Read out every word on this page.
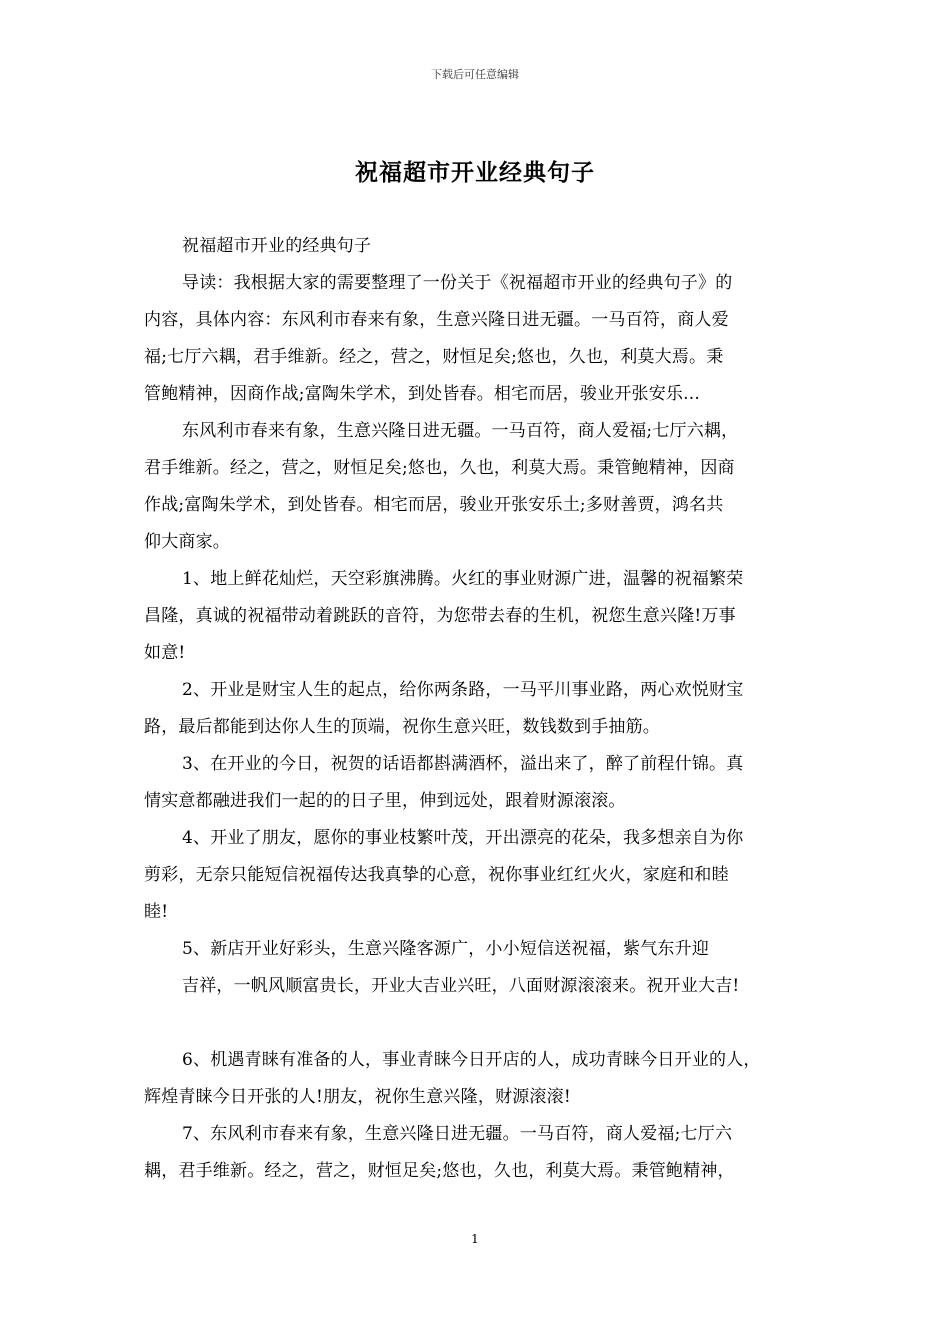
下载后可任意编辑
祝福超市开业经典句子
祝福超市开业的经典句子
导读：我根据大家的需要整理了一份关于《祝福超市开业的经典句子》的
内容，具体内容：东风利市春来有象，生意兴隆日进无疆。一马百符，商人爱
福;七厅六耦，君手维新。经之，营之，财恒足矣;悠也，久也，利莫大焉。秉
管鲍精神，因商作战;富陶朱学术，到处皆春。相宅而居，骏业开张安乐...
东风利市春来有象，生意兴隆日进无疆。一马百符，商人爱福;七厅六耦，
君手维新。经之，营之，财恒足矣;悠也，久也，利莫大焉。秉管鲍精神，因商
作战;富陶朱学术，到处皆春。相宅而居，骏业开张安乐土;多财善贾，鸿名共
仰大商家。
1、地上鲜花灿烂，天空彩旗沸腾。火红的事业财源广进，温馨的祝福繁荣
昌隆，真诚的祝福带动着跳跃的音符，为您带去春的生机，祝您生意兴隆!万事
如意!
2、开业是财宝人生的起点，给你两条路，一马平川事业路，两心欢悦财宝
路，最后都能到达你人生的顶端，祝你生意兴旺，数钱数到手抽筋。
3、在开业的今日，祝贺的话语都斟满酒杯，溢出来了，醉了前程什锦。真
情实意都融进我们一起的的日子里，伸到远处，跟着财源滚滚。
4、开业了朋友，愿你的事业枝繁叶茂，开出漂亮的花朵，我多想亲自为你
剪彩，无奈只能短信祝福传达我真挚的心意，祝你事业红红火火，家庭和和睦
睦!
5、新店开业好彩头，生意兴隆客源广，小小短信送祝福，紫气东升迎
吉祥，一帆风顺富贵长，开业大吉业兴旺，八面财源滚滚来。祝开业大吉!
6、机遇青睐有准备的人，事业青睐今日开店的人，成功青睐今日开业的人，
辉煌青睐今日开张的人!朋友，祝你生意兴隆，财源滚滚!
7、东风利市春来有象，生意兴隆日进无疆。一马百符，商人爱福;七厅六
耦，君手维新。经之，营之，财恒足矣;悠也，久也，利莫大焉。秉管鲍精神，
1
